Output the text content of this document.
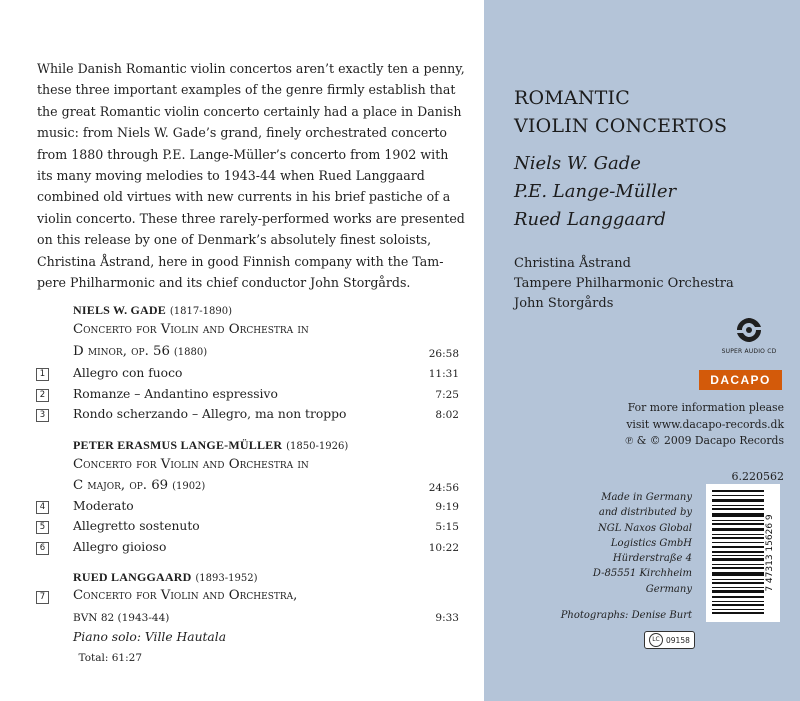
While Danish Romantic violin concertos aren’t exactly ten a penny,
these three important examples of the genre firmly establish that
the great Romantic violin concerto certainly had a place in Danish
music: from Niels W. Gade’s grand, finely orchestrated concerto
from 1880 through P.E. Lange-Müller’s concerto from 1902 with
its many moving melodies to 1943-44 when Rued Langgaard
combined old virtues with new currents in his brief pastiche of a
violin concerto. These three rarely-performed works are presented
on this release by one of Denmark’s absolutely finest soloists,
Christina Åstrand, here in good Finnish company with the Tam-
pere Philharmonic and its chief conductor John Storgårds.

NIELS W. GADE (1817-1890)
Concerto for Violin and Orchestra in
D minor, op. 56 (1880)	26:58
1	Allegro con fuoco	11:31
2	Romanze – Andantino espressivo	7:25
3	Rondo scherzando – Allegro, ma non troppo	8:02
PETER ERASMUS LANGE-MÜLLER (1850-1926)
Concerto for Violin and Orchestra in
C major, op. 69 (1902)	24:56
4	Moderato	9:19
5	Allegretto sostenuto	5:15
6	Allegro gioioso	10:22
RUED LANGGAARD (1893-1952)
7 Concerto for Violin and Orchestra,
BVN 82 (1943-44)	9:33
Piano solo: Ville Hautala
Total: 61:27
ROMANTIC
VIOLIN CONCERTOS
Niels W. Gade
P.E. Lange-Müller
Rued Langgaard
Christina Åstrand
Tampere Philharmonic Orchestra
John Storgårds
SUPER AUDIO CD
DACAPO
For more information please
visit www.dacapo-records.dk
℗ & © 2009 Dacapo Records
6.220562
Made in Germany
and distributed by
NGL Naxos Global
Logistics GmbH
Hürderstraße 4
D-85551 Kirchheim
Germany
Photographs: Denise Burt
7 47313 15626 9
LC 09158
